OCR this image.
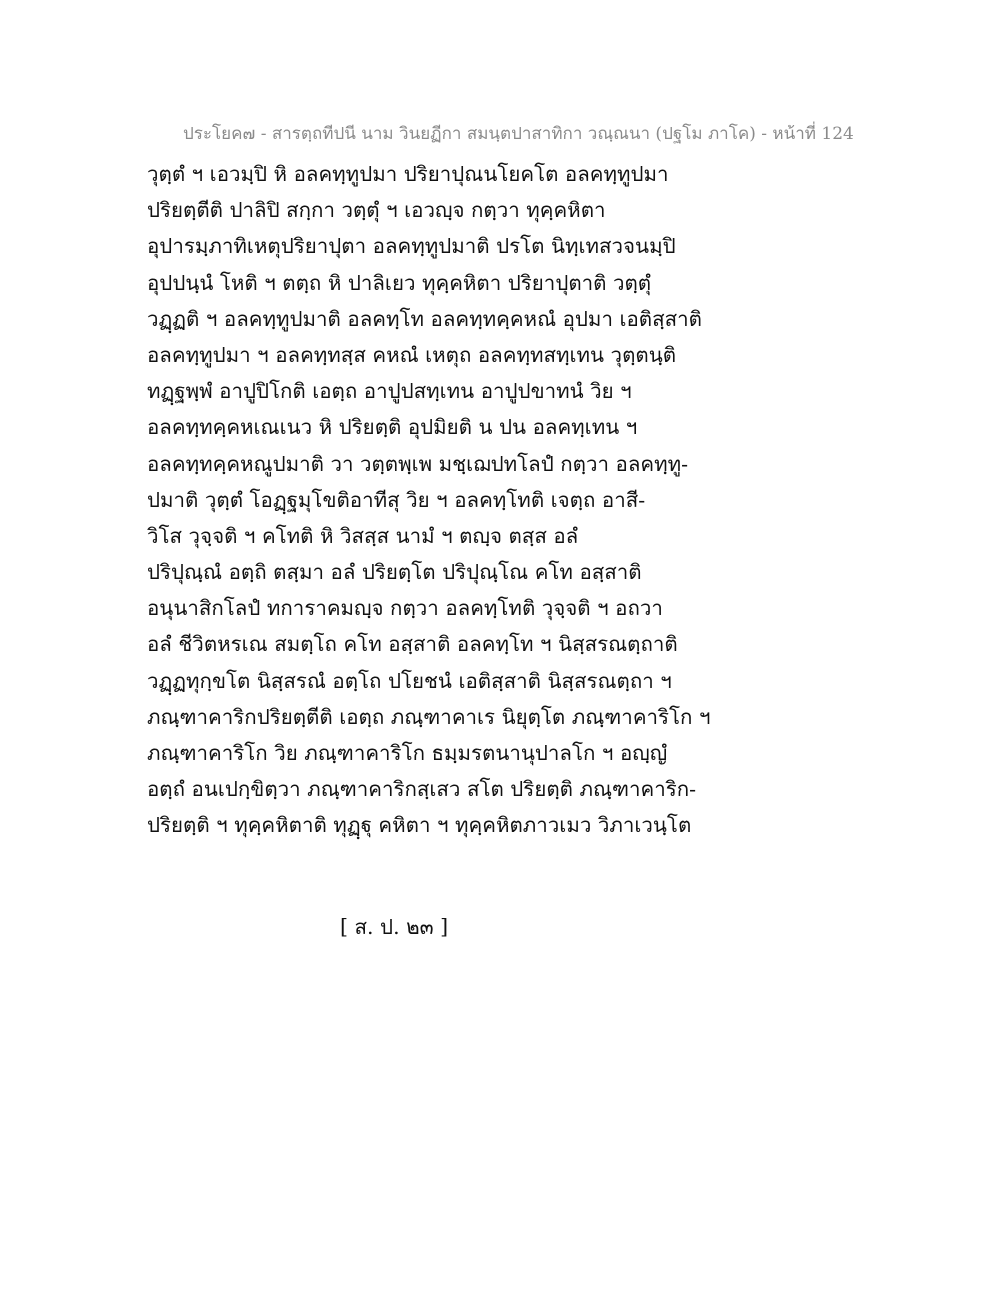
ประโยค๗ - สารตฺถทีปนี นาม วินยฏีกา สมนฺตปาสาทิกา วณฺณนา (ปฐโม ภาโค) - หน้าที่ 124
วุตฺตํ ฯ เอวมฺปิ หิ อลคทฺทูปมา ปริยาปุณนโยคโต อลคทฺทูปมา
ปริยตฺตีติ ปาลิปิ สกฺกา วตฺตุํ ฯ เอวญฺจ กตฺวา ทุคฺคหิตา
อุปารมฺภาทิเหตุปริยาปุตา อลคทฺทูปมาติ ปรโต นิทฺเทสวจนมฺปิ
อุปปนฺนํ โหติ ฯ ตตฺถ หิ ปาลิเยว ทุคฺคหิตา ปริยาปุตาติ วตฺตุํ
วฏฺฏติ ฯ อลคทฺทูปมาติ อลคทฺโท อลคทฺทคฺคหณํ อุปมา เอติสฺสาติ
อลคทฺทูปมา ฯ อลคทฺทสฺส คหณํ เหตุถ อลคทฺทสทฺเทน วุตฺตนฺติ
ทฏฺฐพฺพํ อาปูปิโกติ เอตฺถ อาปูปสทฺเทน อาปูปขาทนํ วิย ฯ
อลคทฺทคฺคหเณเนว หิ ปริยตฺติ อุปมิยติ น ปน อลคทฺเทน ฯ
อลคทฺทคฺคหณูปมาติ วา วตฺตพฺเพ มชฺเฌปทโลปํ กตฺวา อลคทฺทู-
ปมาติ วุตฺตํ โอฏฺฐมุโขติอาทีสุ วิย ฯ อลคทฺโทติ เจตฺถ อาสี-
วิโส วุจฺจติ ฯ คโทติ หิ วิสสฺส นามํ ฯ ตญฺจ ตสฺส อลํ
ปริปุณฺณํ อตฺถิ ตสฺมา อลํ ปริยตฺโต ปริปุณฺโณ คโท อสฺสาติ
อนุนาสิกโลปํ ทการาคมญฺจ กตฺวา อลคทฺโทติ วุจฺจติ ฯ อถวา
อลํ ชีวิตหรเณ สมตฺโถ คโท อสฺสาติ อลคทฺโท ฯ นิสฺสรณตฺถาติ
วฏฺฏทุกฺขโต นิสฺสรณํ อตฺโถ ปโยชนํ เอติสฺสาติ นิสฺสรณตฺถา ฯ
ภณฺฑาคาริกปริยตฺตีติ เอตฺถ ภณฺฑาคาเร นิยุตฺโต ภณฺฑาคาริโก ฯ
ภณฺฑาคาริโก วิย ภณฺฑาคาริโก ธมฺมรตนานุปาลโก ฯ อญฺญํ
อตฺถํ อนเปกฺขิตฺวา ภณฺฑาคาริกสฺเสว สโต ปริยตฺติ ภณฺฑาคาริก-
ปริยตฺติ ฯ ทุคฺคหิตาติ ทุฏฺฐุ คหิตา ฯ ทุคฺคหิตภาวเมว วิภาเวนฺโต
[ ส. ป. ๒๓ ]
